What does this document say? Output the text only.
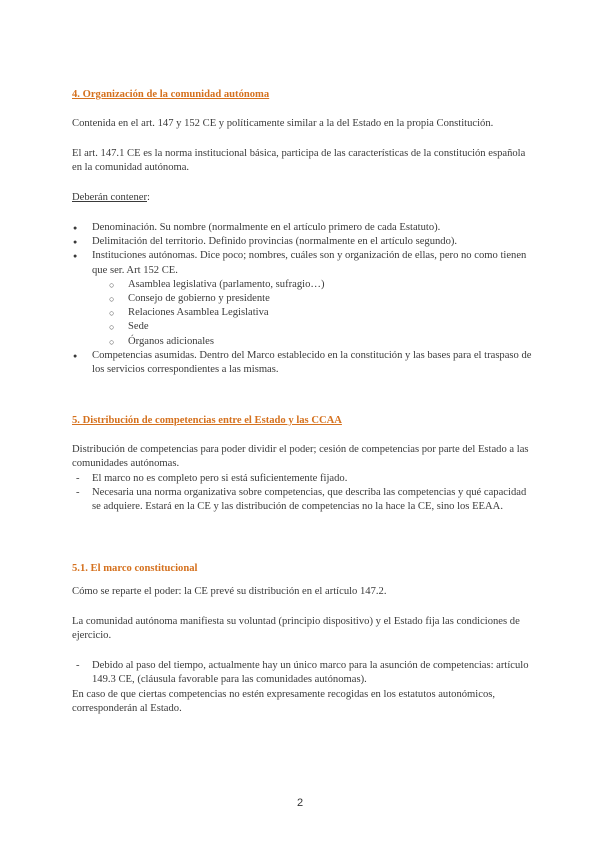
4. Organización de la comunidad autónoma

Contenida en el art. 147 y 152 CE y políticamente similar a la del Estado en la propia Constitución.

El art. 147.1 CE es la norma institucional básica, participa de las características de la constitución española en la comunidad autónoma.

Deberán contener:

● Denominación. Su nombre (normalmente en el artículo primero de cada Estatuto).
● Delimitación del territorio. Definido provincias (normalmente en el artículo segundo).
● Instituciones autónomas. Dice poco; nombres, cuáles son y organización de ellas, pero no como tienen que ser. Art 152 CE.
○ Asamblea legislativa (parlamento, sufragio…)
○ Consejo de gobierno y presidente
○ Relaciones Asamblea Legislativa
○ Sede
○ Órganos adicionales
● Competencias asumidas. Dentro del Marco establecido en la constitución y las bases para el traspaso de los servicios correspondientes a las mismas.

5. Distribución de competencias entre el Estado y las CCAA

Distribución de competencias para poder dividir el poder; cesión de competencias por parte del Estado a las comunidades autónomas.

- El marco no es completo pero si está suficientemente fijado.
- Necesaria una norma organizativa sobre competencias, que describa las competencias y qué capacidad se adquiere. Estará en la CE y las distribución de competencias no la hace la CE, sino los EEAA.

5.1. El marco constitucional

Cómo se reparte el poder: la CE prevé su distribución en el artículo 147.2.

La comunidad autónoma manifiesta su voluntad (principio dispositivo) y el Estado fija las condiciones de ejercicio.

- Debido al paso del tiempo, actualmente hay un único marco para la asunción de competencias: artículo 149.3 CE, (cláusula favorable para las comunidades autónomas).

En caso de que ciertas competencias no estén expresamente recogidas en los estatutos autonómicos, corresponderán al Estado.

2
